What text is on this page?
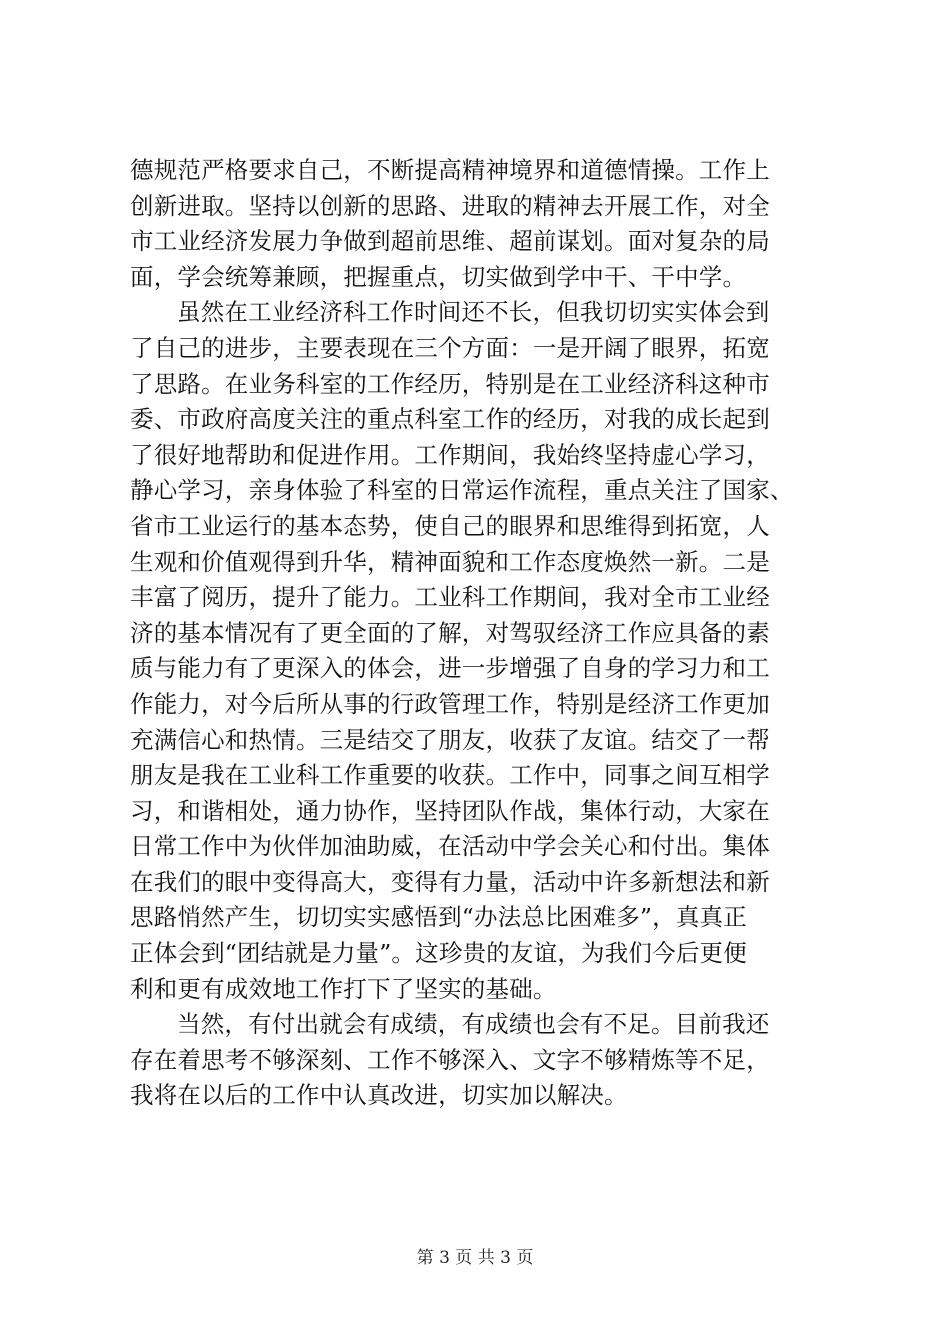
德规范严格要求自己，不断提高精神境界和道德情操。工作上
创新进取。坚持以创新的思路、进取的精神去开展工作，对全
市工业经济发展力争做到超前思维、超前谋划。面对复杂的局
面，学会统筹兼顾，把握重点，切实做到学中干、干中学。
虽然在工业经济科工作时间还不长，但我切切实实体会到
了自己的进步，主要表现在三个方面：一是开阔了眼界，拓宽
了思路。在业务科室的工作经历，特别是在工业经济科这种市
委、市政府高度关注的重点科室工作的经历，对我的成长起到
了很好地帮助和促进作用。工作期间，我始终坚持虚心学习，
静心学习，亲身体验了科室的日常运作流程，重点关注了国家、
省市工业运行的基本态势，使自己的眼界和思维得到拓宽，人
生观和价值观得到升华，精神面貌和工作态度焕然一新。二是
丰富了阅历，提升了能力。工业科工作期间，我对全市工业经
济的基本情况有了更全面的了解，对驾驭经济工作应具备的素
质与能力有了更深入的体会，进一步增强了自身的学习力和工
作能力，对今后所从事的行政管理工作，特别是经济工作更加
充满信心和热情。三是结交了朋友，收获了友谊。结交了一帮
朋友是我在工业科工作重要的收获。工作中，同事之间互相学
习，和谐相处，通力协作，坚持团队作战，集体行动，大家在
日常工作中为伙伴加油助威，在活动中学会关心和付出。集体
在我们的眼中变得高大，变得有力量，活动中许多新想法和新
思路悄然产生，切切实实感悟到“办法总比困难多”，真真正
正体会到“团结就是力量”。这珍贵的友谊，为我们今后更便
利和更有成效地工作打下了坚实的基础。
当然，有付出就会有成绩，有成绩也会有不足。目前我还
存在着思考不够深刻、工作不够深入、文字不够精炼等不足，
我将在以后的工作中认真改进，切实加以解决。
第 3 页 共 3 页
